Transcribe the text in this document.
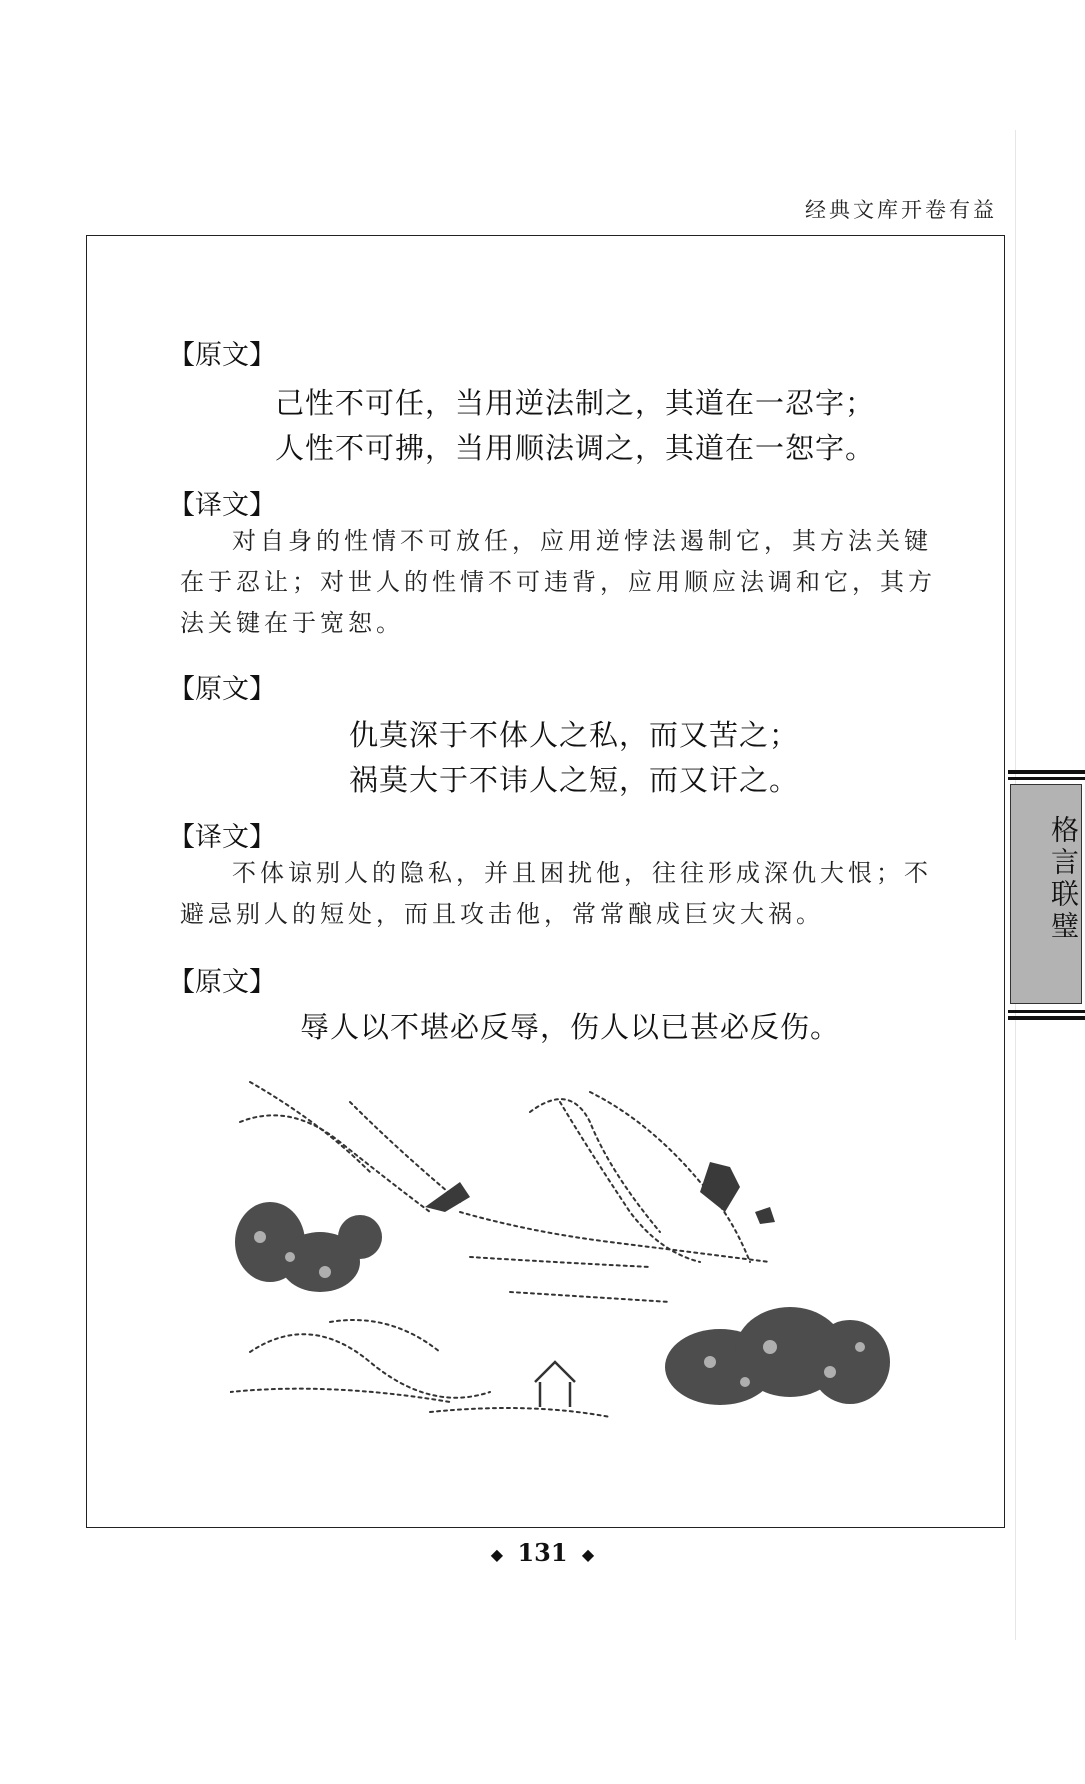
经典文库开卷有益
【原文】
己性不可任，当用逆法制之，其道在一忍字；
人性不可拂，当用顺法调之，其道在一恕字。
【译文】
对自身的性情不可放任，应用逆悖法遏制它，其方法关键在于忍让；对世人的性情不可违背，应用顺应法调和它，其方法关键在于宽恕。
【原文】
仇莫深于不体人之私，而又苦之；
祸莫大于不讳人之短，而又讦之。
【译文】
不体谅别人的隐私，并且困扰他，往往形成深仇大恨；不避忌别人的短处，而且攻击他，常常酿成巨灾大祸。
【原文】
辱人以不堪必反辱，伤人以已甚必反伤。
格言联璧
◆ 131 ◆
